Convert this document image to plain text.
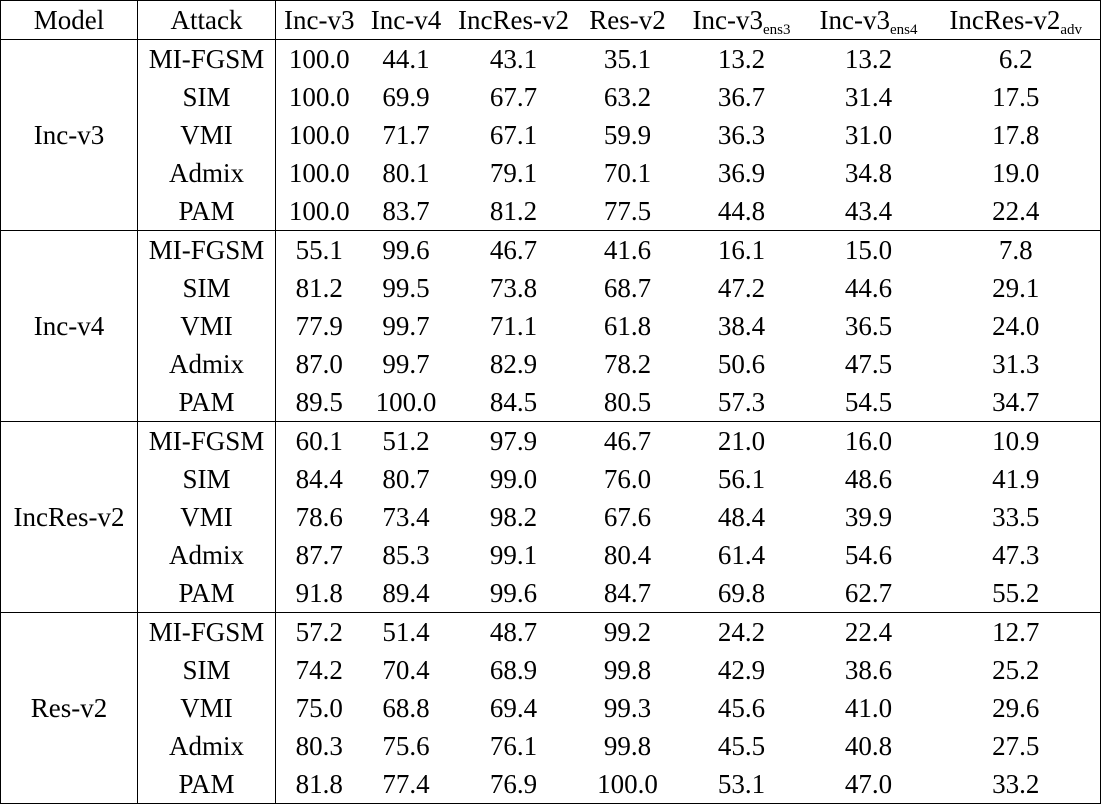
Model	Attack	Inc-v3	Inc-v4	IncRes-v2	Res-v2	Inc-$v3_{ens3}$	Inc-$v3_{ens4}$	IncRes-$v2_{adv}$
Inc-v3	MI-FGSM	100.0	44.1	43.1	35.1	13.2	13.2	6.2
	SIM	100.0	69.9	67.7	63.2	36.7	31.4	17.5
	VMI	100.0	71.7	67.1	59.9	36.3	31.0	17.8
	Admix	100.0	80.1	79.1	70.1	36.9	34.8	19.0
	PAM	100.0	83.7	81.2	77.5	44.8	43.4	22.4
Inc-v4	MI-FGSM	55.1	99.6	46.7	41.6	16.1	15.0	7.8
	SIM	81.2	99.5	73.8	68.7	47.2	44.6	29.1
	VMI	77.9	99.7	71.1	61.8	38.4	36.5	24.0
	Admix	87.0	99.7	82.9	78.2	50.6	47.5	31.3
	PAM	89.5	100.0	84.5	80.5	57.3	54.5	34.7
IncRes-v2	MI-FGSM	60.1	51.2	97.9	46.7	21.0	16.0	10.9
	SIM	84.4	80.7	99.0	76.0	56.1	48.6	41.9
	VMI	78.6	73.4	98.2	67.6	48.4	39.9	33.5
	Admix	87.7	85.3	99.1	80.4	61.4	54.6	47.3
	PAM	91.8	89.4	99.6	84.7	69.8	62.7	55.2
Res-v2	MI-FGSM	57.2	51.4	48.7	99.2	24.2	22.4	12.7
	SIM	74.2	70.4	68.9	99.8	42.9	38.6	25.2
	VMI	75.0	68.8	69.4	99.3	45.6	41.0	29.6
	Admix	80.3	75.6	76.1	99.8	45.5	40.8	27.5
	PAM	81.8	77.4	76.9	100.0	53.1	47.0	33.2
